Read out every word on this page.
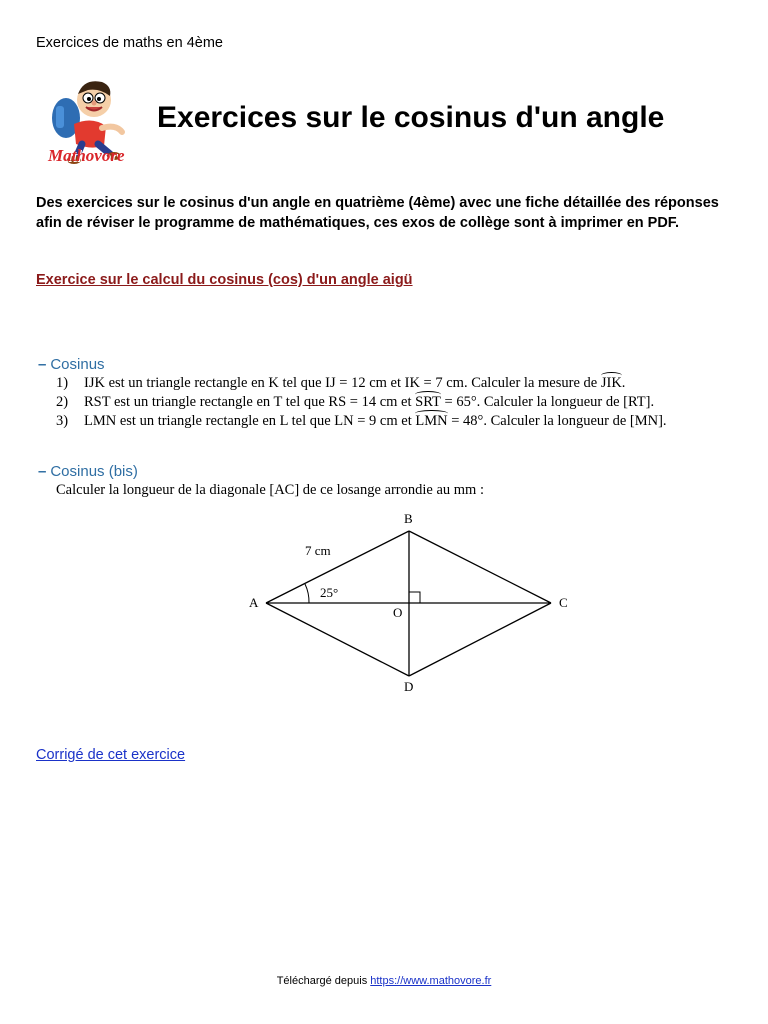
Exercices de maths en 4ème
Mathovore
Exercices sur le cosinus d'un angle

Des exercices sur le cosinus d'un angle en quatrième (4ème) avec une fiche détaillée des réponses afin de réviser le programme de mathématiques, ces exos de collège sont à imprimer en PDF.

Exercice sur le calcul du cosinus (cos) d'un angle aigü
– Cosinus
1) IJK est un triangle rectangle en K tel que IJ = 12 cm et IK = 7 cm. Calculer la mesure de JIK.
2) RST est un triangle rectangle en T tel que RS = 14 cm et SRT = 65°. Calculer la longueur de [RT].
3) LMN est un triangle rectangle en L tel que LN = 9 cm et LMN = 48°. Calculer la longueur de [MN].
– Cosinus (bis)
Calculer la longueur de la diagonale [AC] de ce losange arrondie au mm :
A
B
C
D
O
7 cm
25°
Corrigé de cet exercice
Téléchargé depuis https://www.mathovore.fr
